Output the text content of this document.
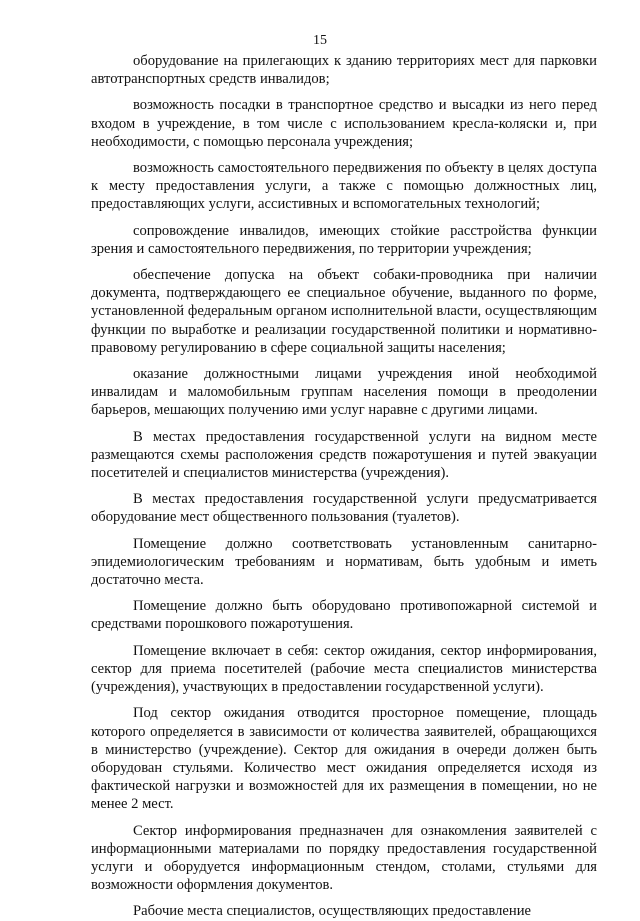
15

оборудование на прилегающих к зданию территориях мест для парковки автотранспортных средств инвалидов;

возможность посадки в транспортное средство и высадки из него перед входом в учреждение, в том числе с использованием кресла-коляски и, при необходимости, с помощью персонала учреждения;

возможность самостоятельного передвижения по объекту в целях доступа к месту предоставления услуги, а также с помощью должностных лиц, предоставляющих услуги, ассистивных и вспомогательных технологий;

сопровождение инвалидов, имеющих стойкие расстройства функции зрения и самостоятельного передвижения, по территории учреждения;

обеспечение допуска на объект собаки-проводника при наличии документа, подтверждающего ее специальное обучение, выданного по форме, установленной федеральным органом исполнительной власти, осуществляющим функции по выработке и реализации государственной политики и нормативно-правовому регулированию в сфере социальной защиты населения;

оказание должностными лицами учреждения иной необходимой инвалидам и маломобильным группам населения помощи в преодолении барьеров, мешающих получению ими услуг наравне с другими лицами.

В местах предоставления государственной услуги на видном месте размещаются схемы расположения средств пожаротушения и путей эвакуации посетителей и специалистов министерства (учреждения).

В местах предоставления государственной услуги предусматривается оборудование мест общественного пользования (туалетов).

Помещение должно соответствовать установленным санитарно-эпидемиологическим требованиям и нормативам, быть удобным и иметь достаточно места.

Помещение должно быть оборудовано противопожарной системой и средствами порошкового пожаротушения.

Помещение включает в себя: сектор ожидания, сектор информирования, сектор для приема посетителей (рабочие места специалистов министерства (учреждения), участвующих в предоставлении государственной услуги).

Под сектор ожидания отводится просторное помещение, площадь которого определяется в зависимости от количества заявителей, обращающихся в министерство (учреждение). Сектор для ожидания в очереди должен быть оборудован стульями. Количество мест ожидания определяется исходя из фактической нагрузки и возможностей для их размещения в помещении, но не менее 2 мест.

Сектор информирования предназначен для ознакомления заявителей с информационными материалами по порядку предоставления государственной услуги и оборудуется информационным стендом, столами, стульями для возможности оформления документов.

Рабочие места специалистов, осуществляющих предоставление
